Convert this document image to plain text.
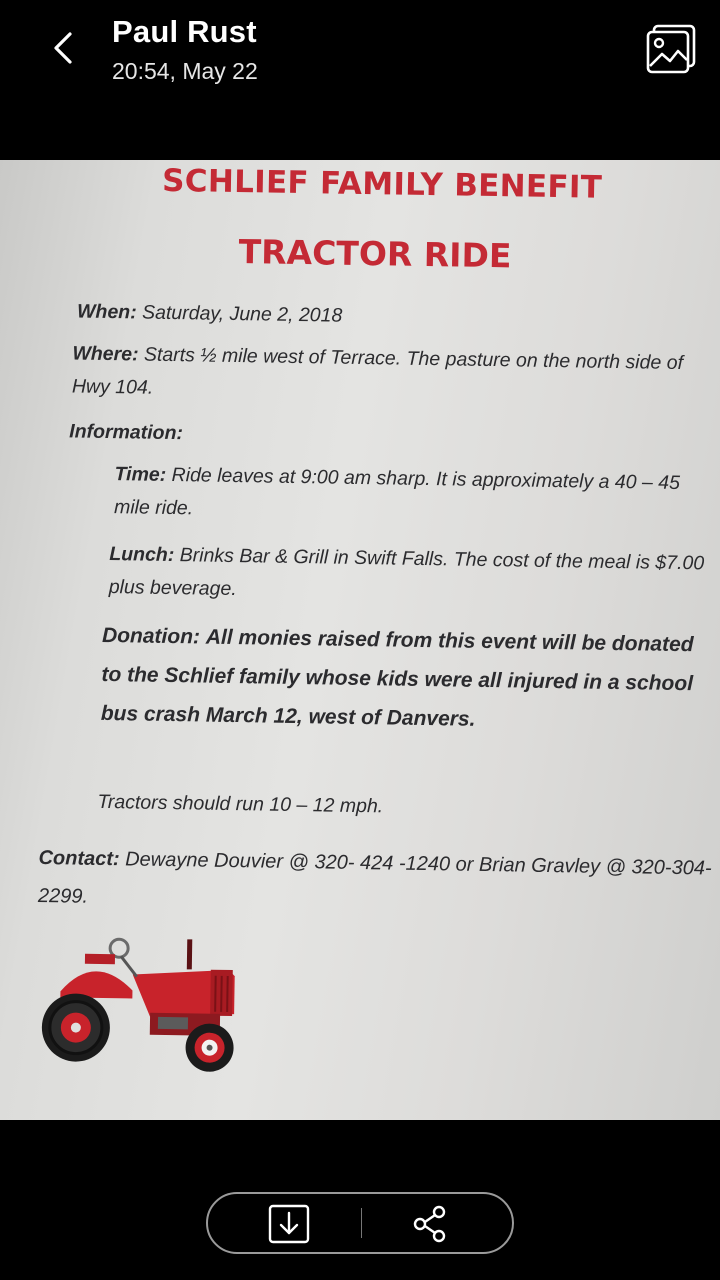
Paul Rust
20:54, May 22
SCHLIEF FAMILY BENEFIT
TRACTOR RIDE
When: Saturday, June 2, 2018
Where: Starts ½ mile west of Terrace. The pasture on the north side of Hwy 104.
Information:
Time: Ride leaves at 9:00 am sharp. It is approximately a 40 – 45 mile ride.
Lunch: Brinks Bar & Grill in Swift Falls. The cost of the meal is $7.00 plus beverage.
Donation: All monies raised from this event will be donated to the Schlief family whose kids were all injured in a school bus crash March 12, west of Danvers.
Tractors should run 10 – 12 mph.
Contact: Dewayne Douvier @ 320- 424 -1240 or Brian Gravley @ 320-304-2299.
